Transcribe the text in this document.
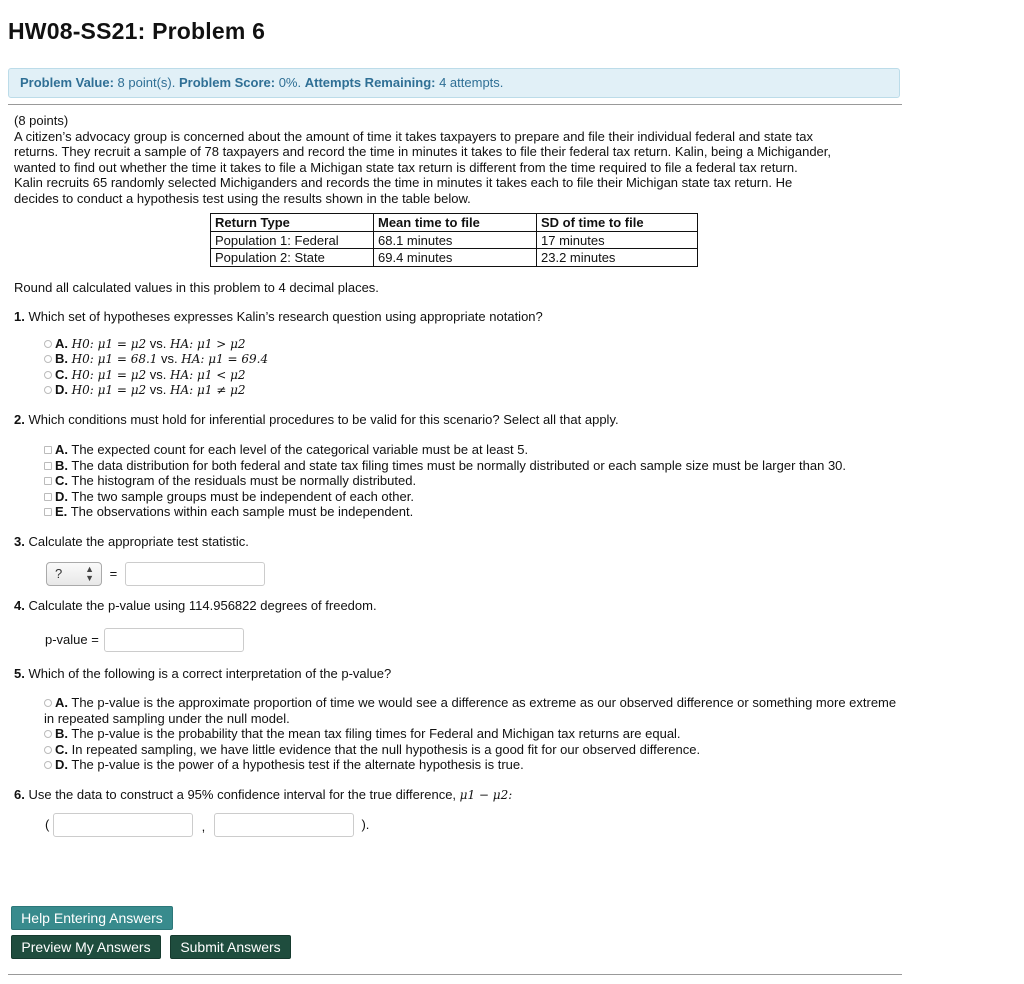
HW08-SS21: Problem 6
Problem Value: 8 point(s). Problem Score: 0%. Attempts Remaining: 4 attempts.
(8 points)
A citizen’s advocacy group is concerned about the amount of time it takes taxpayers to prepare and file their individual federal and state tax
returns. They recruit a sample of 78 taxpayers and record the time in minutes it takes to file their federal tax return. Kalin, being a Michigander,
wanted to find out whether the time it takes to file a Michigan state tax return is different from the time required to file a federal tax return.
Kalin recruits 65 randomly selected Michiganders and records the time in minutes it takes each to file their Michigan state tax return. He
decides to conduct a hypothesis test using the results shown in the table below.
Return Type	Mean time to file	SD of time to file
Population 1: Federal	68.1 minutes	17 minutes
Population 2: State	69.4 minutes	23.2 minutes
Round all calculated values in this problem to 4 decimal places.
1. Which set of hypotheses expresses Kalin’s research question using appropriate notation?
A. H0: μ1 = μ2 vs. HA: μ1 > μ2
B. H0: μ1 = 68.1 vs. HA: μ1 = 69.4
C. H0: μ1 = μ2 vs. HA: μ1 < μ2
D. H0: μ1 = μ2 vs. HA: μ1 ≠ μ2
2. Which conditions must hold for inferential procedures to be valid for this scenario? Select all that apply.
A. The expected count for each level of the categorical variable must be at least 5.
B. The data distribution for both federal and state tax filing times must be normally distributed or each sample size must be larger than 30.
C. The histogram of the residuals must be normally distributed.
D. The two sample groups must be independent of each other.
E. The observations within each sample must be independent.
3. Calculate the appropriate test statistic.
?	▲
▼ =
4. Calculate the p-value using 114.956822 degrees of freedom.
p-value =
5. Which of the following is a correct interpretation of the p-value?
A. The p-value is the approximate proportion of time we would see a difference as extreme as our observed difference or something more extreme in repeated sampling under the null model.
B. The p-value is the probability that the mean tax filing times for Federal and Michigan tax returns are equal.
C. In repeated sampling, we have little evidence that the null hypothesis is a good fit for our observed difference.
D. The p-value is the power of a hypothesis test if the alternate hypothesis is true.
6. Use the data to construct a 95% confidence interval for the true difference, μ1 − μ2:
(	,	).
Help Entering Answers
Preview My Answers	Submit Answers
